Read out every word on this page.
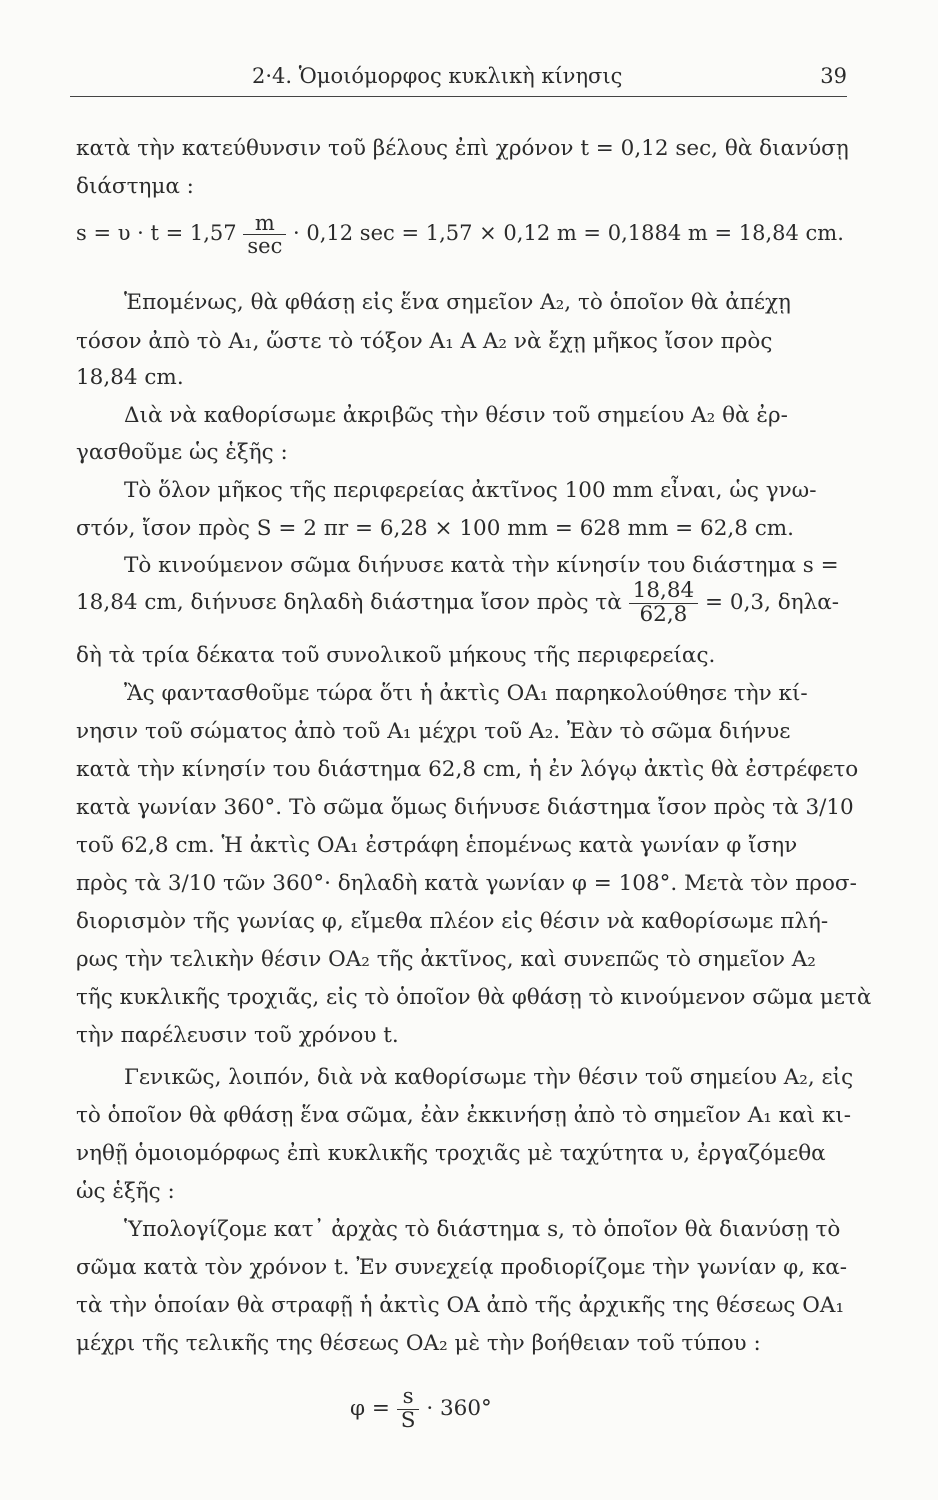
2·4. Ὁμοιόμορφος κυκλικὴ κίνησις	39
κατὰ τὴν κατεύθυνσιν τοῦ βέλους ἐπὶ χρόνον t = 0,12 sec, θὰ διανύσῃ
διάστημα :
$s = \upsilon \cdot t = 1,57 \frac{m}{\sec} \cdot 0,12$ sec = 1,57 × 0,12 m = 0,1884 m = 18,84 cm.
Ἑπομένως, θὰ φθάσῃ εἰς ἕνα σημεῖον A₂, τὸ ὁποῖον θὰ ἀπέχῃ
τόσον ἀπὸ τὸ A₁, ὥστε τὸ τόξον A₁ A A₂ νὰ ἔχῃ μῆκος ἴσον πρὸς
18,84 cm.
Διὰ νὰ καθορίσωμε ἀκριβῶς τὴν θέσιν τοῦ σημείου A₂ θὰ ἐρ-
γασθοῦμε ὡς ἑξῆς :
Τὸ ὅλον μῆκος τῆς περιφερείας ἀκτῖνος 100 mm εἶναι, ὡς γνω-
στόν, ἴσον πρὸς S = 2 πr = 6,28 × 100 mm = 628 mm = 62,8 cm.
Τὸ κινούμενον σῶμα διήνυσε κατὰ τὴν κίνησίν του διάστημα s =
18,84 cm, διήνυσε δηλαδὴ διάστημα ἴσον πρὸς τὰ $\frac{18,84}{62,8} = 0,3$, δηλα-
δὴ τὰ τρία δέκατα τοῦ συνολικοῦ μήκους τῆς περιφερείας.
Ἂς φαντασθοῦμε τώρα ὅτι ἡ ἀκτὶς OA₁ παρηκολούθησε τὴν κί-
νησιν τοῦ σώματος ἀπὸ τοῦ A₁ μέχρι τοῦ A₂. Ἐὰν τὸ σῶμα διήνυε
κατὰ τὴν κίνησίν του διάστημα 62,8 cm, ἡ ἐν λόγῳ ἀκτὶς θὰ ἐστρέφετο
κατὰ γωνίαν 360°. Τὸ σῶμα ὅμως διήνυσε διάστημα ἴσον πρὸς τὰ 3/10
τοῦ 62,8 cm. Ἡ ἀκτὶς OA₁ ἐστράφη ἑπομένως κατὰ γωνίαν φ ἴσην
πρὸς τὰ 3/10 τῶν 360°· δηλαδὴ κατὰ γωνίαν φ = 108°. Μετὰ τὸν προσ-
διορισμὸν τῆς γωνίας φ, εἴμεθα πλέον εἰς θέσιν νὰ καθορίσωμε πλή-
ρως τὴν τελικὴν θέσιν OA₂ τῆς ἀκτῖνος, καὶ συνεπῶς τὸ σημεῖον A₂
τῆς κυκλικῆς τροχιᾶς, εἰς τὸ ὁποῖον θὰ φθάσῃ τὸ κινούμενον σῶμα μετὰ
τὴν παρέλευσιν τοῦ χρόνου t.
Γενικῶς, λοιπόν, διὰ νὰ καθορίσωμε τὴν θέσιν τοῦ σημείου A₂, εἰς
τὸ ὁποῖον θὰ φθάσῃ ἕνα σῶμα, ἐὰν ἐκκινήσῃ ἀπὸ τὸ σημεῖον A₁ καὶ κι-
νηθῇ ὁμοιομόρφως ἐπὶ κυκλικῆς τροχιᾶς μὲ ταχύτητα υ, ἐργαζόμεθα
ὡς ἑξῆς :
Ὑπολογίζομε κατ᾽ ἀρχὰς τὸ διάστημα s, τὸ ὁποῖον θὰ διανύσῃ τὸ
σῶμα κατὰ τὸν χρόνον t. Ἐν συνεχείᾳ προδιορίζομε τὴν γωνίαν φ, κα-
τὰ τὴν ὁποίαν θὰ στραφῇ ἡ ἀκτὶς OA ἀπὸ τῆς ἀρχικῆς της θέσεως OA₁
μέχρι τῆς τελικῆς της θέσεως OA₂ μὲ τὴν βοήθειαν τοῦ τύπου :
$\varphi = \frac{s}{S} \cdot 360^\circ$
